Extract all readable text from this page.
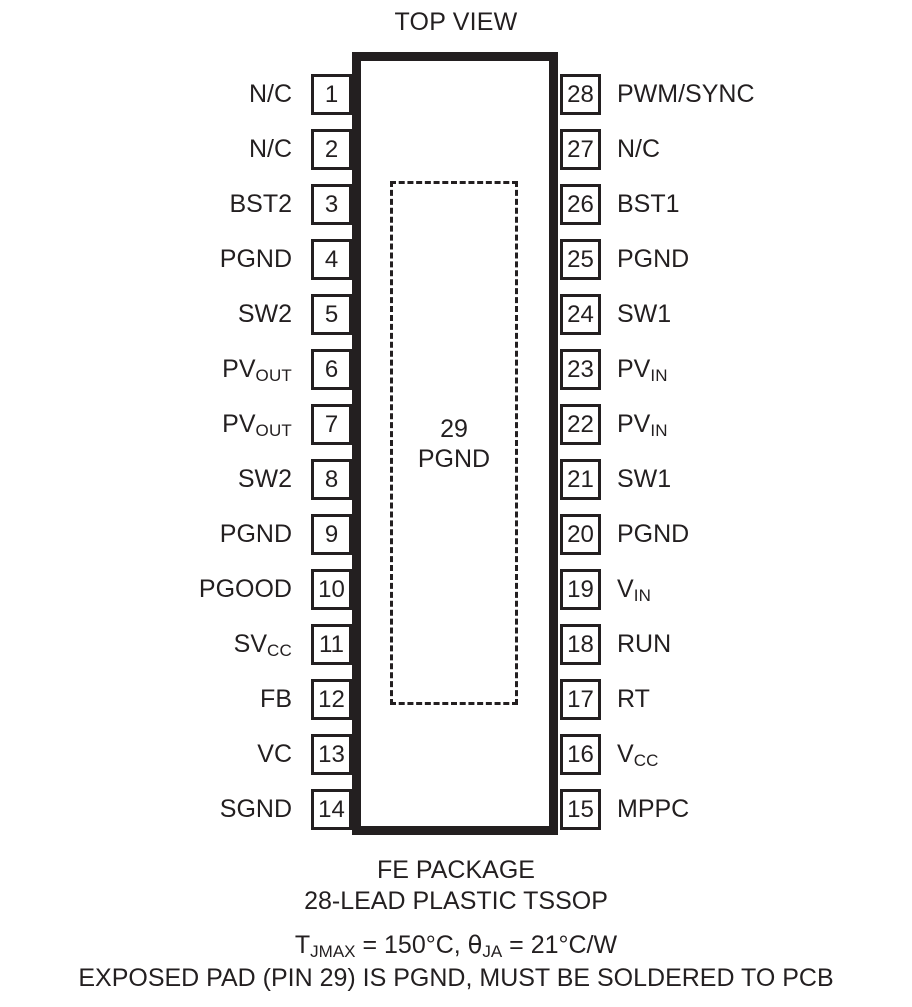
TOP VIEW
29
PGND
N/C	1
N/C	2
BST2	3
PGND	4
SW2	5
$PV_{OUT}$	6
$PV_{OUT}$	7
SW2	8
PGND	9
PGOOD 10
$SV_{CC}$	11
FB 12
VC 13
SGND 14
28 PWM/SYNC
27 N/C
26 BST1
25 PGND
24 SW1
23 $PV_{IN}$
22 $PV_{IN}$
21 SW1
20 PGND
19 $V_{IN}$
18 RUN
17 RT
16 $V_{CC}$
15 MPPC
FE PACKAGE
28-LEAD PLASTIC TSSOP
$T_{JMAX} = 150^\circ C$, $\theta_{JA} = 21^\circ C/W$
EXPOSED PAD (PIN 29) IS PGND, MUST BE SOLDERED TO PCB
